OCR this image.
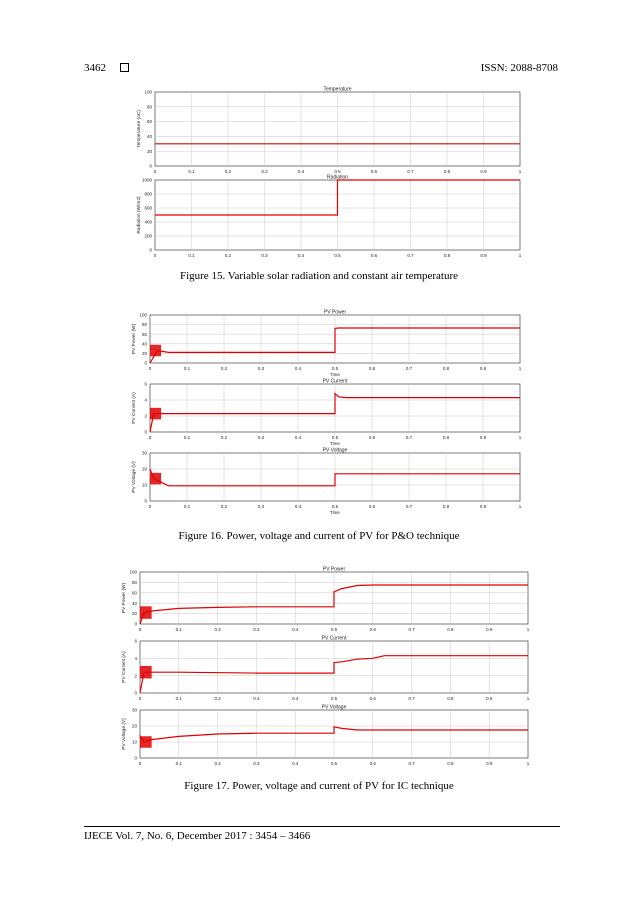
3462	ISSN: 2088-8708
0	0.1	0.2	0.3	0.4	0.5	0.6	0.7	0.8	0.9	1
0
20
40
60
80
100	Temperature
Temperature (oC)
0	0.1	0.2	0.3	0.4	0.5	0.6	0.7	0.8	0.9	1
0
200
400
600
800
1000	Radiation
Radiation (W/m2)
0	0.1	0.2	0.3	0.4	0.5	0.6	0.7	0.8	0.9	1
0
20
40
60
80
100	PV Power
Time
PV Power (W)
0	0.1	0.2	0.3	0.4	0.5	0.6	0.7	0.8	0.9	1
0
2
4
6	PV Current
Time
PV Current (A)
0	0.1	0.2	0.3	0.4	0.5	0.6	0.7	0.8	0.9	1
0
10
20
30	PV Voltage
Time
PV Voltage (V)
0	0.1	0.2	0.3	0.4	0.5	0.6	0.7	0.8	0.9	1
0
20
40
60
80
100	PV Power
PV Power (W)
0	0.1	0.2	0.3	0.4	0.5	0.6	0.7	0.8	0.9	1
0
2
4
6	PV Current
PV Current (A)
0	0.1	0.2	0.3	0.4	0.5	0.6	0.7	0.8	0.9	1
0
10
20
30	PV Voltage
PV Voltage (V)
Figure 15. Variable solar radiation and constant air temperature
Figure 16. Power, voltage and current of PV for P&O technique
Figure 17. Power, voltage and current of PV for IC technique
IJECE Vol. 7, No. 6, December 2017 : 3454 – 3466
